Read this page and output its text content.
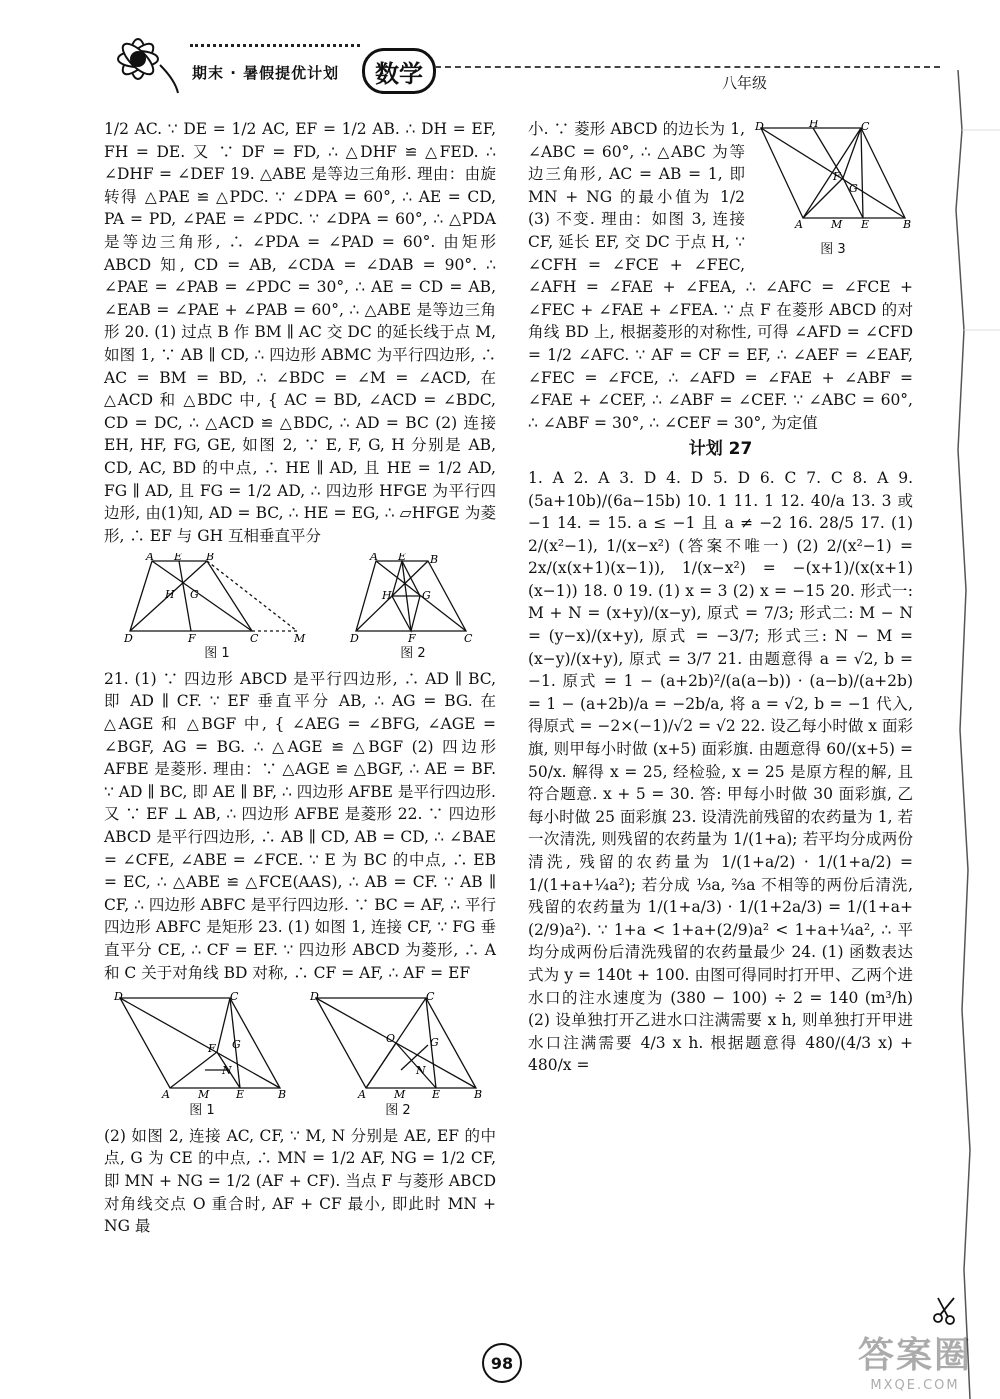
期末 · 暑假提优计划	数学	八年级

1/2 AC. ∵ DE = 1/2 AC, EF = 1/2 AB. ∴ DH = EF, FH = DE. 又 ∵ DF = FD, ∴ △DHF ≌ △FED. ∴ ∠DHF = ∠DEF 19. △ABE 是等边三角形. 理由：由旋转得 △PAE ≌ △PDC. ∵ ∠DPA = 60°, ∴ AE = CD, PA = PD, ∠PAE = ∠PDC. ∵ ∠DPA = 60°, ∴ △PDA 是等边三角形, ∴ ∠PDA = ∠PAD = 60°. 由矩形 ABCD 知, CD = AB, ∠CDA = ∠DAB = 90°. ∴ ∠PAE = ∠PAB = ∠PDC = 30°, ∴ AE = CD = AB, ∠EAB = ∠PAE + ∠PAB = 60°, ∴ △ABE 是等边三角形 20. (1) 过点 B 作 BM ∥ AC 交 DC 的延长线于点 M, 如图 1, ∵ AB ∥ CD, ∴ 四边形 ABMC 为平行四边形, ∴ AC = BM = BD, ∴ ∠BDC = ∠M = ∠ACD, 在 △ACD 和 △BDC 中, { AC = BD, ∠ACD = ∠BDC, CD = DC, ∴ △ACD ≌ △BDC, ∴ AD = BC (2) 连接 EH, HF, FG, GE, 如图 2, ∵ E, F, G, H 分别是 AB, CD, AC, BD 的中点, ∴ HE ∥ AD, 且 HE = 1/2 AD, FG ∥ AD, 且 FG = 1/2 AD, ∴ 四边形 HFGE 为平行四边形, 由(1)知, AD = BC, ∴ HE = EG, ∴ ▱HFGE 为菱形, ∴ EF 与 GH 互相垂直平分

A E B
D	F	C	M
H G
图 1
A E B
D	F	C
H	G
图 2

21. (1) ∵ 四边形 ABCD 是平行四边形, ∴ AD ∥ BC, 即 AD ∥ CF. ∵ EF 垂直平分 AB, ∴ AG = BG. 在 △AGE 和 △BGF 中, { ∠AEG = ∠BFG, ∠AGE = ∠BGF, AG = BG. ∴ △AGE ≌ △BGF (2) 四边形 AFBE 是菱形. 理由：∵ △AGE ≌ △BGF, ∴ AE = BF. ∵ AD ∥ BC, 即 AE ∥ BF, ∴ 四边形 AFBE 是平行四边形. 又 ∵ EF ⊥ AB, ∴ 四边形 AFBE 是菱形 22. ∵ 四边形 ABCD 是平行四边形, ∴ AB ∥ CD, AB = CD, ∴ ∠BAE = ∠CFE, ∠ABE = ∠FCE. ∵ E 为 BC 的中点, ∴ EB = EC, ∴ △ABE ≌ △FCE(AAS), ∴ AB = CF. ∵ AB ∥ CF, ∴ 四边形 ABFC 是平行四边形. ∵ BC = AF, ∴ 平行四边形 ABFC 是矩形 23. (1) 如图 1, 连接 CF, ∵ FG 垂直平分 CE, ∴ CF = EF. ∵ 四边形 ABCD 为菱形, ∴ A 和 C 关于对角线 BD 对称, ∴ CF = AF, ∴ AF = EF

D	C
A	M E	B
F G
N
图 1
D	C
A	M E	B
O	G
N
图 2

(2) 如图 2, 连接 AC, CF, ∵ M, N 分别是 AE, EF 的中点, G 为 CE 的中点, ∴ MN = 1/2 AF, NG = 1/2 CF, 即 MN + NG = 1/2 (AF + CF). 当点 F 与菱形 ABCD 对角线交点 O 重合时, AF + CF 最小, 即此时 MN + NG 最

D	H	C
A	M E	B
F
G
图 3

小. ∵ 菱形 ABCD 的边长为 1, ∠ABC = 60°, ∴ △ABC 为等边三角形, AC = AB = 1, 即 MN + NG 的最小值为 1/2 (3) 不变. 理由：如图 3, 连接 CF, 延长 EF, 交 DC 于点 H, ∵ ∠CFH = ∠FCE + ∠FEC, ∠AFH = ∠FAE + ∠FEA, ∴ ∠AFC = ∠FCE + ∠FEC + ∠FAE + ∠FEA. ∵ 点 F 在菱形 ABCD 的对角线 BD 上, 根据菱形的对称性, 可得 ∠AFD = ∠CFD = 1/2 ∠AFC. ∵ AF = CF = EF, ∴ ∠AEF = ∠EAF, ∠FEC = ∠FCE, ∴ ∠AFD = ∠FAE + ∠ABF = ∠FAE + ∠CEF, ∴ ∠ABF = ∠CEF. ∵ ∠ABC = 60°, ∴ ∠ABF = 30°, ∴ ∠CEF = 30°, 为定值

计划 27

1. A 2. A 3. D 4. D 5. D 6. C 7. C 8. A 9. (5a+10b)/(6a−15b) 10. 1 11. 1 12. 40/a 13. 3 或 −1 14. = 15. a ≤ −1 且 a ≠ −2 16. 28/5 17. (1) 2/(x²−1), 1/(x−x²) (答案不唯一) (2) 2/(x²−1) = 2x/(x(x+1)(x−1)), 1/(x−x²) = −(x+1)/(x(x+1)(x−1)) 18. 0 19. (1) x = 3 (2) x = −15 20. 形式一: M + N = (x+y)/(x−y), 原式 = 7/3; 形式二: M − N = (y−x)/(x+y), 原式 = −3/7; 形式三: N − M = (x−y)/(x+y), 原式 = 3/7 21. 由题意得 a = √2, b = −1. 原式 = 1 − (a+2b)²/(a(a−b)) · (a−b)/(a+2b) = 1 − (a+2b)/a = −2b/a, 将 a = √2, b = −1 代入, 得原式 = −2×(−1)/√2 = √2 22. 设乙每小时做 x 面彩旗, 则甲每小时做 (x+5) 面彩旗. 由题意得 60/(x+5) = 50/x. 解得 x = 25, 经检验, x = 25 是原方程的解, 且符合题意. x + 5 = 30. 答: 甲每小时做 30 面彩旗, 乙每小时做 25 面彩旗 23. 设清洗前残留的农药量为 1, 若一次清洗, 则残留的农药量为 1/(1+a); 若平均分成两份清洗, 残留的农药量为 1/(1+a/2) · 1/(1+a/2) = 1/(1+a+¼a²); 若分成 ⅓a, ⅔a 不相等的两份后清洗, 残留的农药量为 1/(1+a/3) · 1/(1+2a/3) = 1/(1+a+(2/9)a²). ∵ 1+a < 1+a+(2/9)a² < 1+a+¼a², ∴ 平均分成两份后清洗残留的农药量最少 24. (1) 函数表达式为 y = 140t + 100. 由图可得同时打开甲、乙两个进水口的注水速度为 (380 − 100) ÷ 2 = 140 (m³/h) (2) 设单独打开乙进水口注满需要 x h, 则单独打开甲进水口注满需要 4/3 x h. 根据题意得 480/(4/3 x) + 480/x =

98	答案圈
MXQE.COM
